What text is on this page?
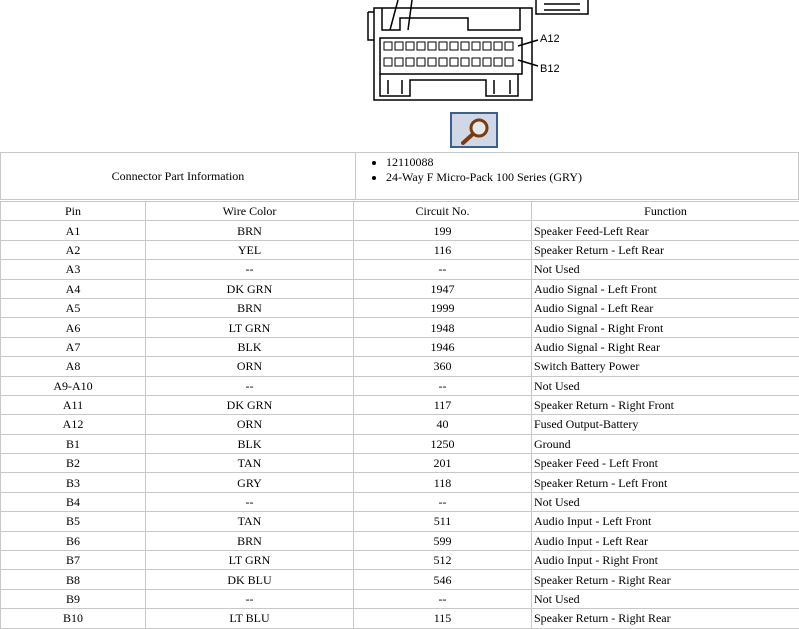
A12
B12
Connector Part Information	
• 12110088
• 24-Way F Micro-Pack 100 Series (GRY)
Pin	Wire Color	Circuit No.	Function
A1	BRN	199	Speaker Feed-Left Rear
A2	YEL	116	Speaker Return - Left Rear
A3	--	--	Not Used
A4	DK GRN	1947	Audio Signal - Left Front
A5	BRN	1999	Audio Signal - Left Rear
A6	LT GRN	1948	Audio Signal - Right Front
A7	BLK	1946	Audio Signal - Right Rear
A8	ORN	360	Switch Battery Power
A9-A10	--	--	Not Used
A11	DK GRN	117	Speaker Return - Right Front
A12	ORN	40	Fused Output-Battery
B1	BLK	1250	Ground
B2	TAN	201	Speaker Feed - Left Front
B3	GRY	118	Speaker Return - Left Front
B4	--	--	Not Used
B5	TAN	511	Audio Input - Left Front
B6	BRN	599	Audio Input - Left Rear
B7	LT GRN	512	Audio Input - Right Front
B8	DK BLU	546	Speaker Return - Right Rear
B9	--	--	Not Used
B10	LT BLU	115	Speaker Return - Right Rear
